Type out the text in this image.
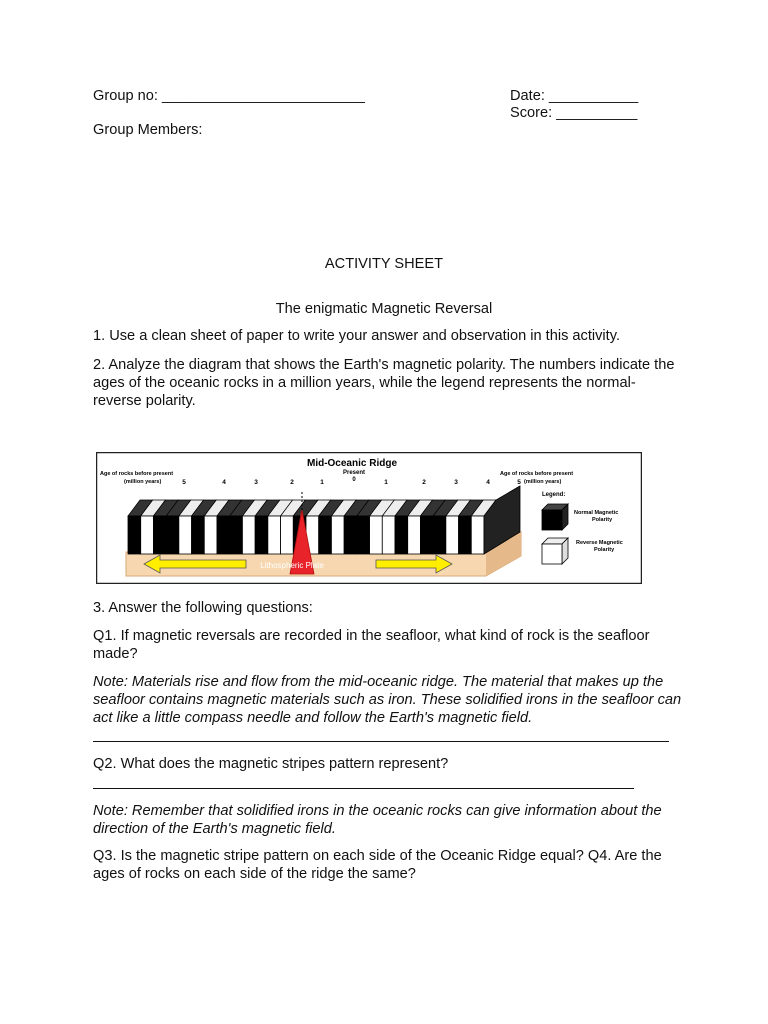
Group no: _________________________	Date: ___________
Score: __________
Group Members:
ACTIVITY SHEET
The enigmatic Magnetic Reversal
1. Use a clean sheet of paper to write your answer and observation in this activity.
2. Analyze the diagram that shows the Earth's magnetic polarity. The numbers indicate the ages of the oceanic rocks in a million years, while the legend represents the normal-reverse polarity.
Mid-Oceanic Ridge
Present
0
Age of rocks before present
(million years)
Age of rocks before present
(million years)
5	4	3	2	1	1	2	3	4	5
Legend:
Normal Magnetic
Polarity
Reverse Magnetic
Polarity
Lithospheric Plate
3. Answer the following questions:
Q1. If magnetic reversals are recorded in the seafloor, what kind of rock is the seafloor made?
Note: Materials rise and flow from the mid-oceanic ridge. The material that makes up the seafloor contains magnetic materials such as iron. These solidified irons in the seafloor can act like a little compass needle and follow the Earth's magnetic field.
Q2. What does the magnetic stripes pattern represent?
Note: Remember that solidified irons in the oceanic rocks can give information about the direction of the Earth's magnetic field.
Q3. Is the magnetic stripe pattern on each side of the Oceanic Ridge equal? Q4. Are the ages of rocks on each side of the ridge the same?
